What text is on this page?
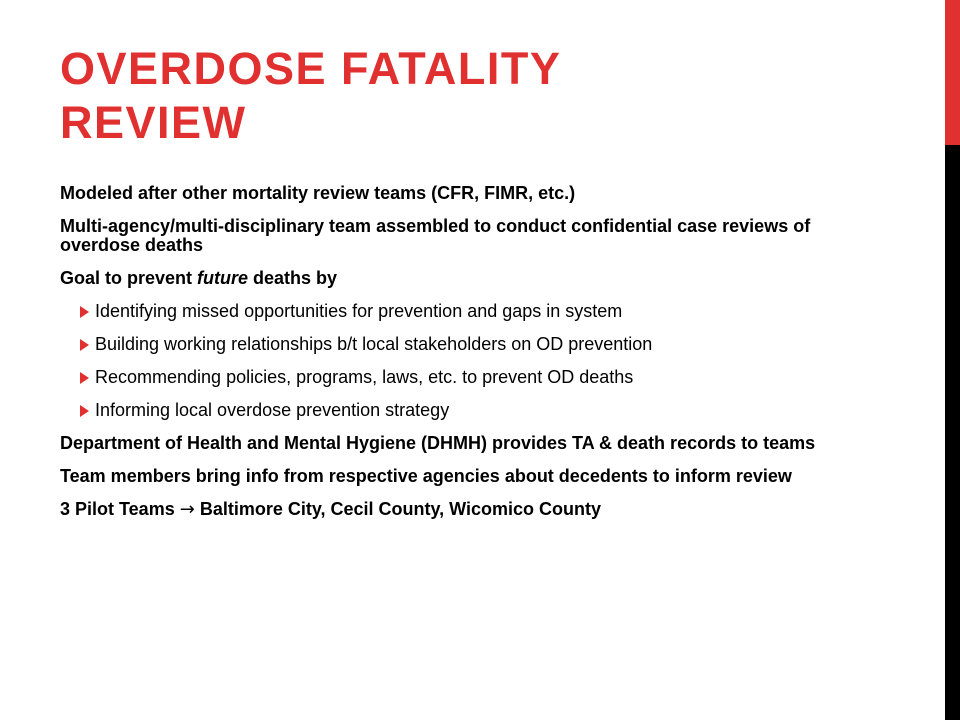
OVERDOSE FATALITY
REVIEW

Modeled after other mortality review teams (CFR, FIMR, etc.)

Multi-agency/multi-disciplinary team assembled to conduct confidential case reviews of overdose deaths

Goal to prevent future deaths by

Identifying missed opportunities for prevention and gaps in system
Building working relationships b/t local stakeholders on OD prevention
Recommending policies, programs, laws, etc. to prevent OD deaths
Informing local overdose prevention strategy

Department of Health and Mental Hygiene (DHMH) provides TA & death records to teams

Team members bring info from respective agencies about decedents to inform review

3 Pilot Teams → Baltimore City, Cecil County, Wicomico County
